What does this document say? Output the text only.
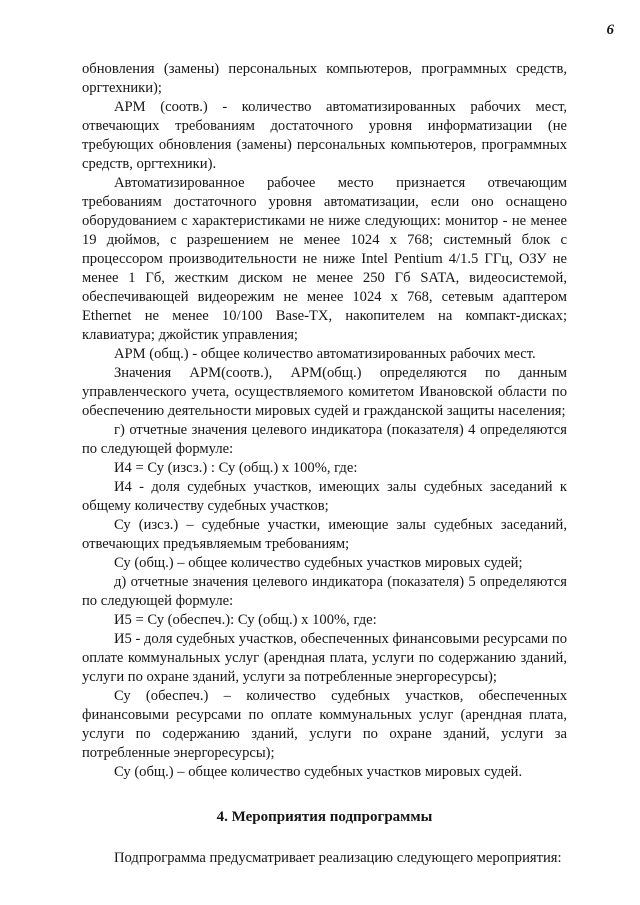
6

обновления (замены) персональных компьютеров, программных средств, оргтехники);

АРМ (соотв.) - количество автоматизированных рабочих мест, отвечающих требованиям достаточного уровня информатизации (не требующих обновления (замены) персональных компьютеров, программных средств, оргтехники).

Автоматизированное рабочее место признается отвечающим требованиям достаточного уровня автоматизации, если оно оснащено оборудованием с характеристиками не ниже следующих: монитор - не менее 19 дюймов, с разрешением не менее 1024 х 768; системный блок с процессором производительности не ниже Intel Pentium 4/1.5 ГГц, ОЗУ не менее 1 Гб, жестким диском не менее 250 Гб SATA, видеосистемой, обеспечивающей видеорежим не менее 1024 х 768, сетевым адаптером Ethernet не менее 10/100 Base-TX, накопителем на компакт-дисках; клавиатура; джойстик управления;

АРМ (общ.) - общее количество автоматизированных рабочих мест.

Значения АРМ(соотв.), АРМ(общ.) определяются по данным управленческого учета, осуществляемого комитетом Ивановской области по обеспечению деятельности мировых судей и гражданской защиты населения;

г) отчетные значения целевого индикатора (показателя) 4 определяются по следующей формуле:

И4 = Су (изсз.) : Су (общ.) х 100%, где:

И4 - доля судебных участков, имеющих залы судебных заседаний к общему количеству судебных участков;

Су (изсз.) – судебные участки, имеющие залы судебных заседаний, отвечающих предъявляемым требованиям;

Су (общ.) – общее количество судебных участков мировых судей;

д) отчетные значения целевого индикатора (показателя) 5 определяются по следующей формуле:

И5 = Су (обеспеч.): Су (общ.) х 100%, где:

И5 - доля судебных участков, обеспеченных финансовыми ресурсами по оплате коммунальных услуг (арендная плата, услуги по содержанию зданий, услуги по охране зданий, услуги за потребленные энергоресурсы);

Су (обеспеч.) – количество судебных участков, обеспеченных финансовыми ресурсами по оплате коммунальных услуг (арендная плата, услуги по содержанию зданий, услуги по охране зданий, услуги за потребленные энергоресурсы);

Су (общ.) – общее количество судебных участков мировых судей.

4. Мероприятия подпрограммы

Подпрограмма предусматривает реализацию следующего мероприятия:
